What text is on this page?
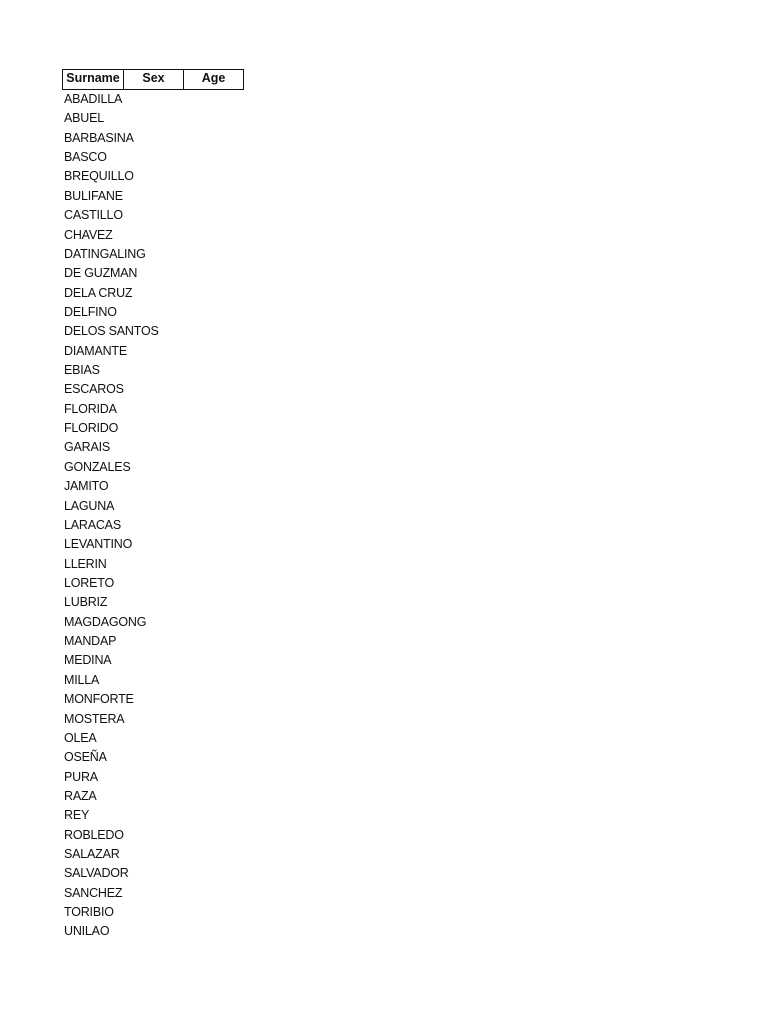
Surname	Sex	Age
ABADILLA
ABUEL
BARBASINA
BASCO
BREQUILLO
BULIFANE
CASTILLO
CHAVEZ
DATINGALING
DE GUZMAN
DELA CRUZ
DELFINO
DELOS SANTOS
DIAMANTE
EBIAS
ESCAROS
FLORIDA
FLORIDO
GARAIS
GONZALES
JAMITO
LAGUNA
LARACAS
LEVANTINO
LLERIN
LORETO
LUBRIZ
MAGDAGONG
MANDAP
MEDINA
MILLA
MONFORTE
MOSTERA
OLEA
OSEÑA
PURA
RAZA
REY
ROBLEDO
SALAZAR
SALVADOR
SANCHEZ
TORIBIO
UNILAO
